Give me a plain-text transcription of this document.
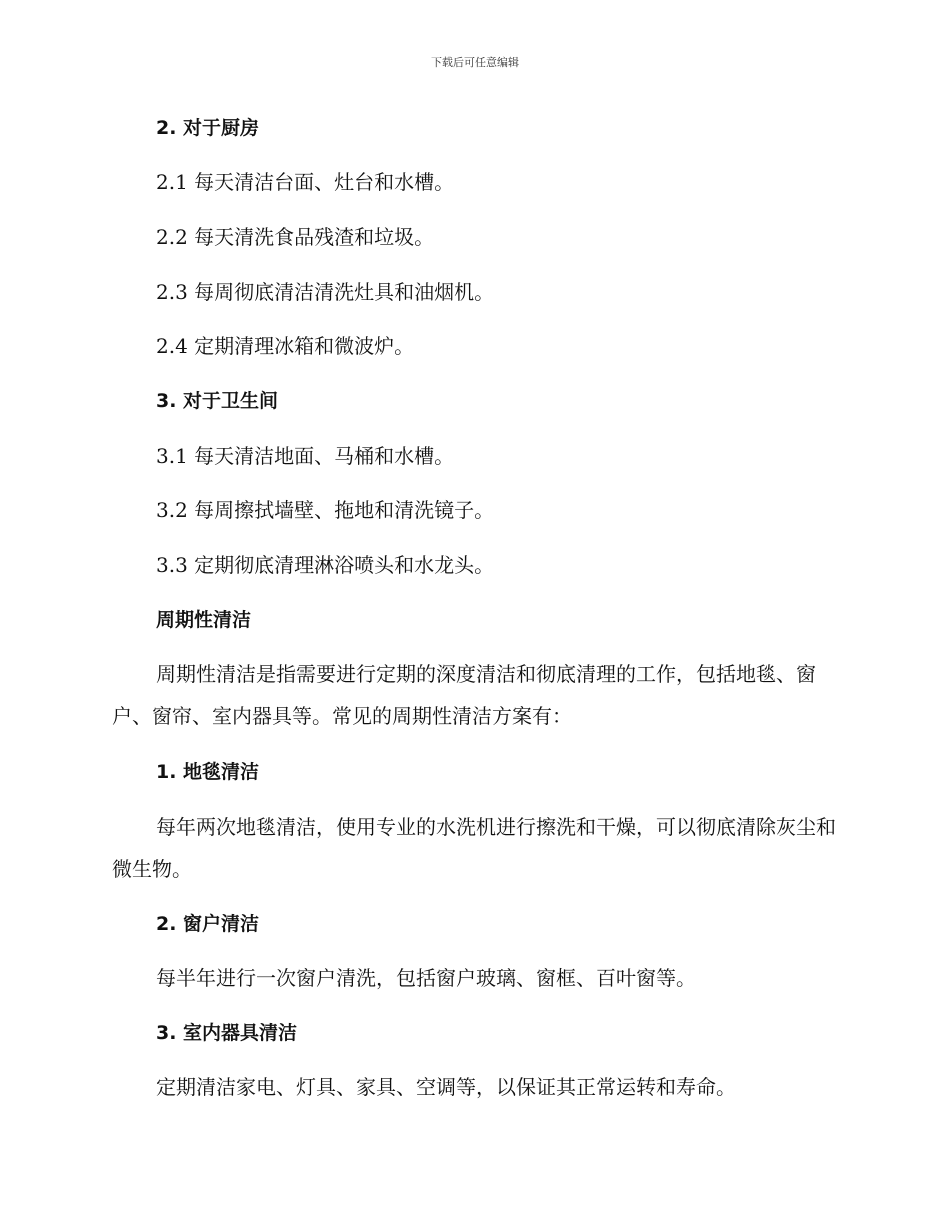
下载后可任意编辑
2. 对于厨房
2.1 每天清洁台面、灶台和水槽。
2.2 每天清洗食品残渣和垃圾。
2.3 每周彻底清洁清洗灶具和油烟机。
2.4 定期清理冰箱和微波炉。
3. 对于卫生间
3.1 每天清洁地面、马桶和水槽。
3.2 每周擦拭墙壁、拖地和清洗镜子。
3.3 定期彻底清理淋浴喷头和水龙头。
周期性清洁
周期性清洁是指需要进行定期的深度清洁和彻底清理的工作，包括地毯、窗户、窗帘、室内器具等。常见的周期性清洁方案有：
1. 地毯清洁
每年两次地毯清洁，使用专业的水洗机进行擦洗和干燥，可以彻底清除灰尘和微生物。
2. 窗户清洁
每半年进行一次窗户清洗，包括窗户玻璃、窗框、百叶窗等。
3. 室内器具清洁
定期清洁家电、灯具、家具、空调等，以保证其正常运转和寿命。
